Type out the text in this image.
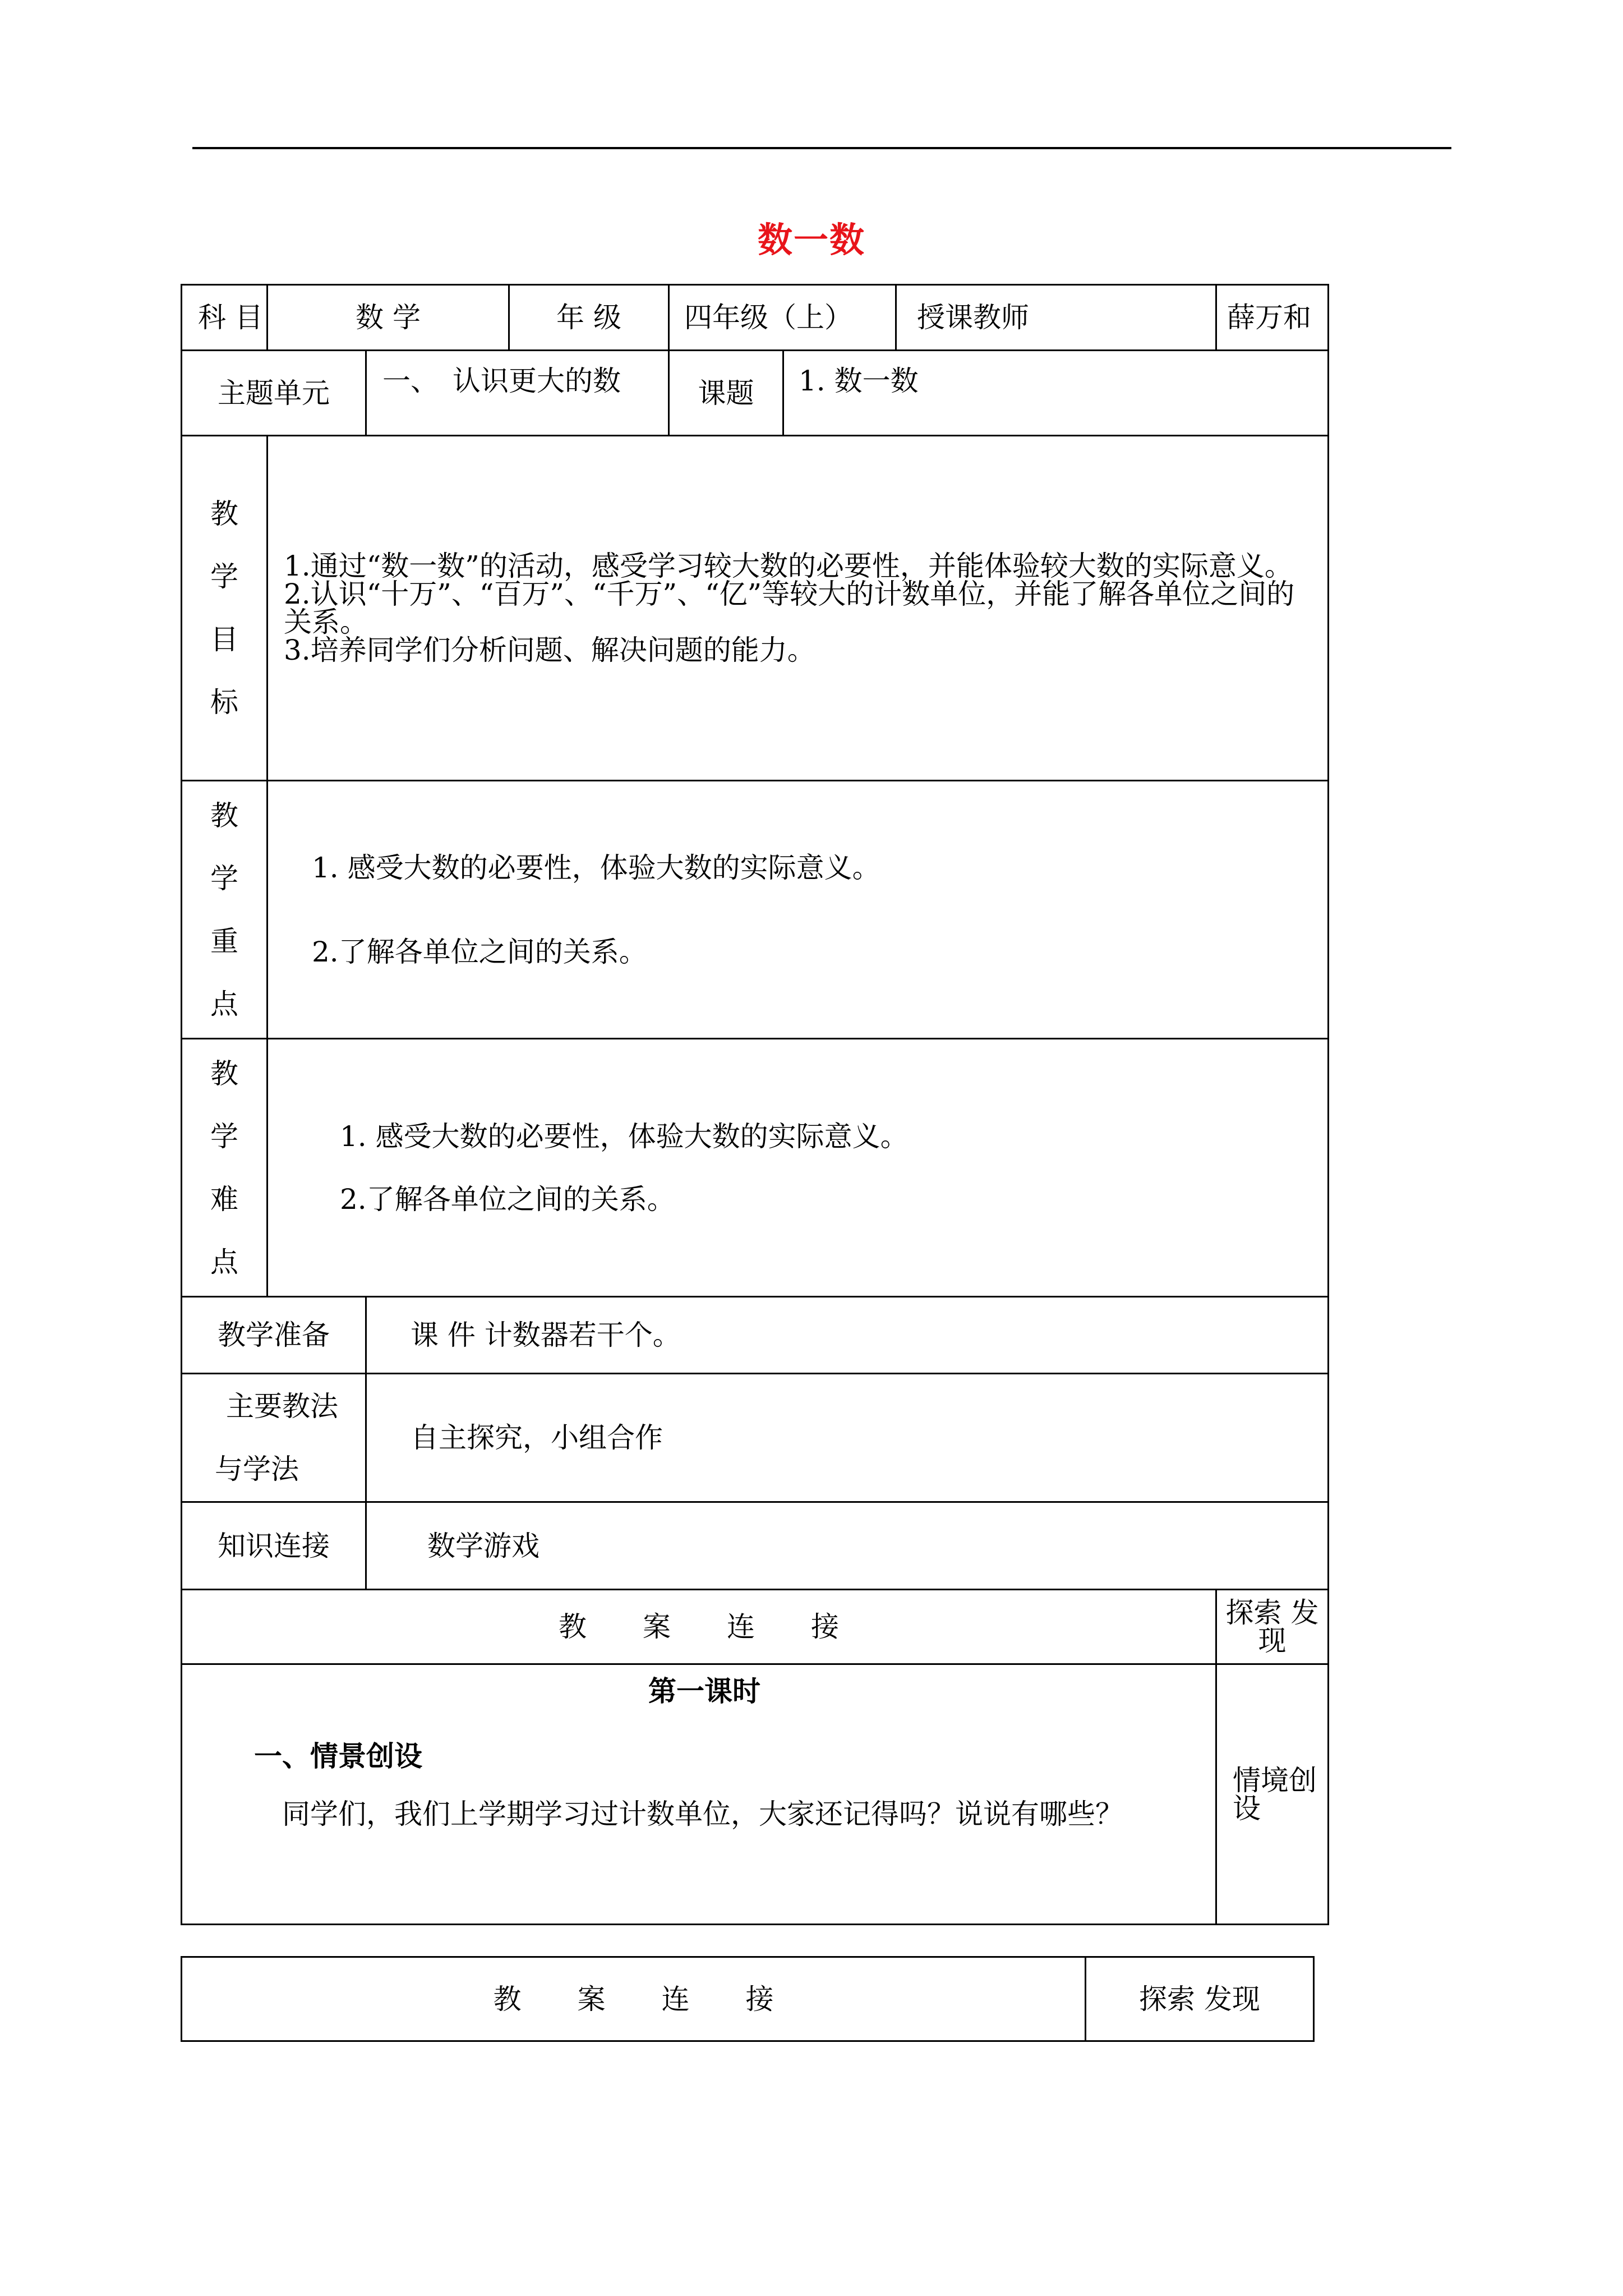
数一数
科 目	数 学		年 级	四年级（上）		授课教师	薛万和
主题单元		一、　认识更大的数		课题	1. 数一数		

教
学
目
标	1.通过“数一数”的活动，感受学习较大数的必要性，并能体验较大数的实际意义。
2.认识“十万”、“百万”、“千万”、“亿”等较大的计数单位，并能了解各单位之间的关系。
3.培养同学们分析问题、解决问题的能力。						

教
学
重
点	1. 感受大数的必要性，体验大数的实际意义。
2.了解各单位之间的关系。						

教
学
难
点	1. 感受大数的必要性，体验大数的实际意义。
2.了解各单位之间的关系。						

教学准备		课 件 计数器若干个。					

主要教法
与学法		自主探究，小组合作					
知识连接		数学游戏					
教　　案　　连　　接							探索 发现

第一课时
一、情景创设
同学们，我们上学期学习过计数单位，大家还记得吗？说说有哪些？							情境创设
教　　案　　连　　接	探索 发现
